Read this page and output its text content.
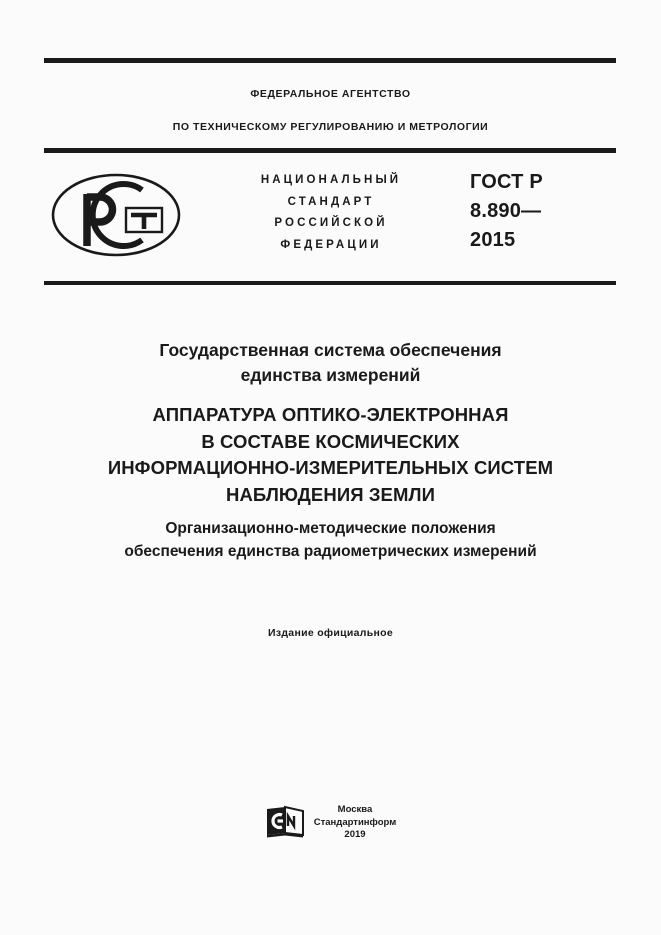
ФЕДЕРАЛЬНОЕ АГЕНТСТВО
ПО ТЕХНИЧЕСКОМУ РЕГУЛИРОВАНИЮ И МЕТРОЛОГИИ
НАЦИОНАЛЬНЫЙ
СТАНДАРТ
РОССИЙСКОЙ
ФЕДЕРАЦИИ
ГОСТ Р
8.890—
2015
Государственная система обеспечения
единства измерений
АППАРАТУРА ОПТИКО-ЭЛЕКТРОННАЯ
В СОСТАВЕ КОСМИЧЕСКИХ
ИНФОРМАЦИОННО-ИЗМЕРИТЕЛЬНЫХ СИСТЕМ
НАБЛЮДЕНИЯ ЗЕМЛИ
Организационно-методические положения
обеспечения единства радиометрических измерений
Издание официальное
Москва
Стандартинформ
2019
